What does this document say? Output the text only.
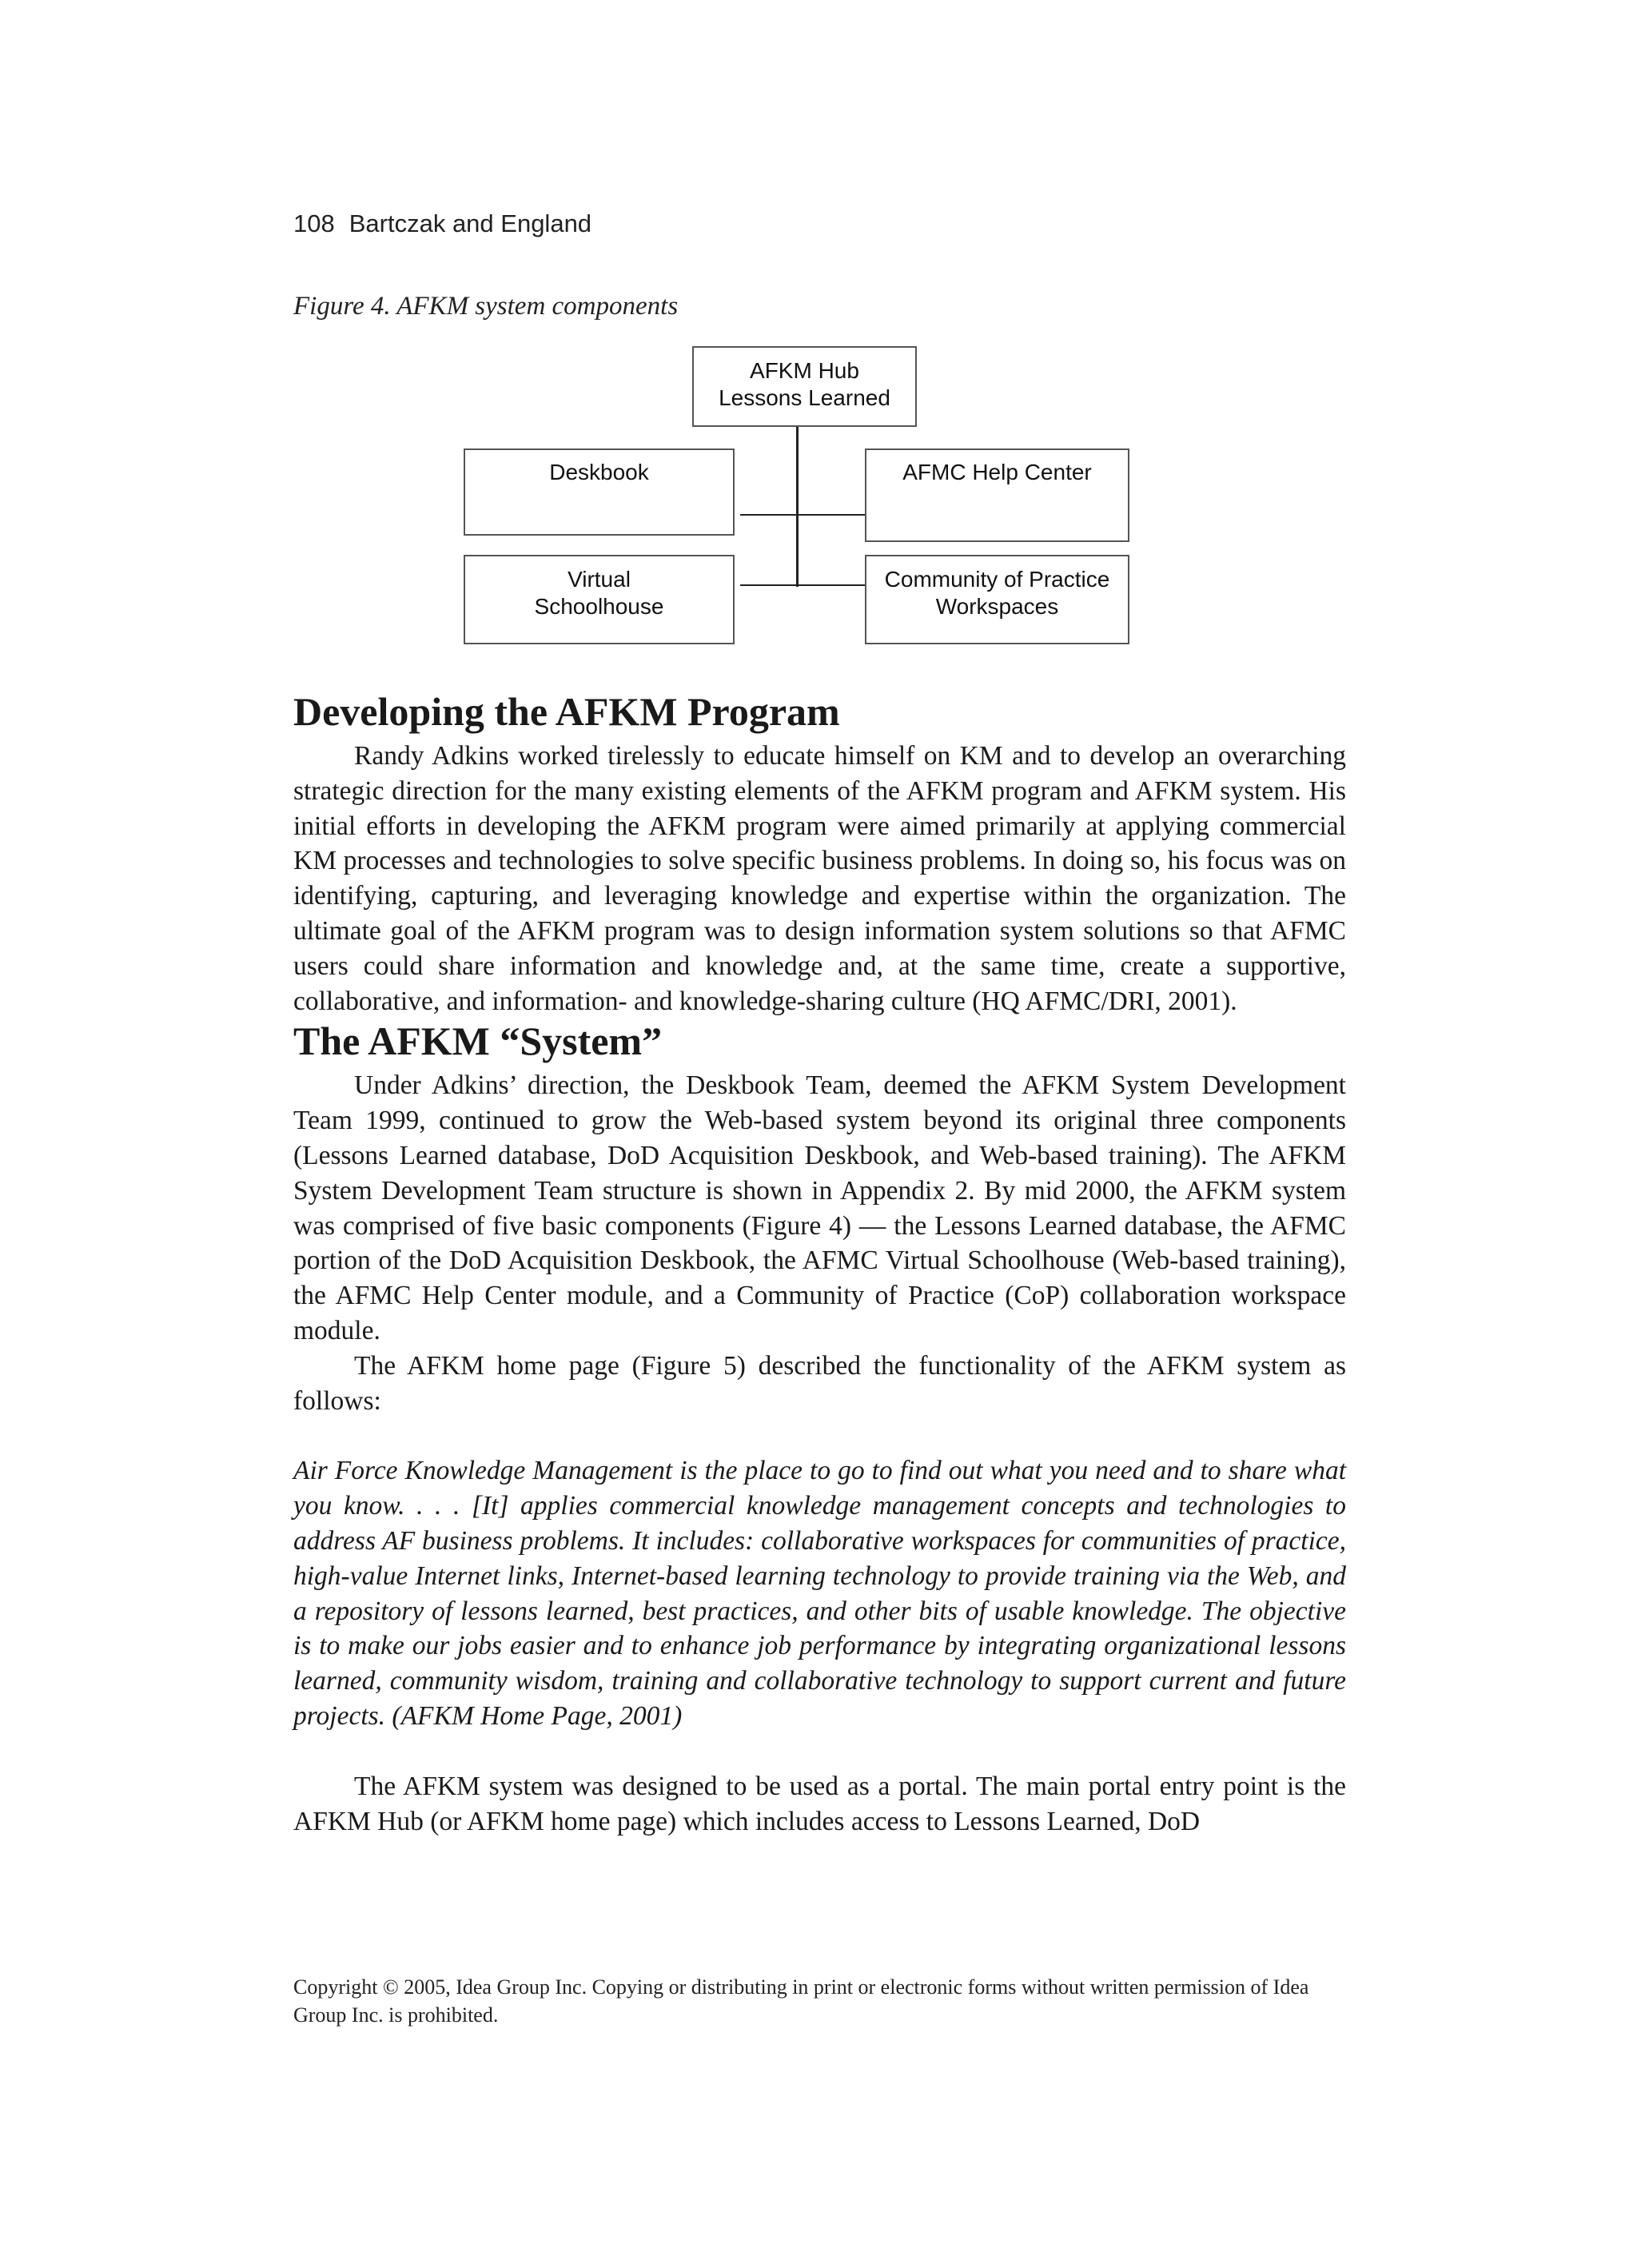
108 Bartczak and England
Figure 4. AFKM system components
AFKM Hub
Lessons Learned
Deskbook	AFMC Help Center
Virtual
Schoolhouse
Community of Practice
Workspaces
Developing the AFKM Program

Randy Adkins worked tirelessly to educate himself on KM and to develop an overarching strategic direction for the many existing elements of the AFKM program and AFKM system. His initial efforts in developing the AFKM program were aimed primarily at applying commercial KM processes and technologies to solve specific business problems. In doing so, his focus was on identifying, capturing, and leveraging knowledge and expertise within the organization. The ultimate goal of the AFKM program was to design information system solutions so that AFMC users could share information and knowledge and, at the same time, create a supportive, collaborative, and information- and knowledge-sharing culture (HQ AFMC/DRI, 2001).

The AFKM “System”

Under Adkins’ direction, the Deskbook Team, deemed the AFKM System Development Team 1999, continued to grow the Web-based system beyond its original three components (Lessons Learned database, DoD Acquisition Deskbook, and Web-based training). The AFKM System Development Team structure is shown in Appendix 2. By mid 2000, the AFKM system was comprised of five basic components (Figure 4) — the Lessons Learned database, the AFMC portion of the DoD Acquisition Deskbook, the AFMC Virtual Schoolhouse (Web-based training), the AFMC Help Center module, and a Community of Practice (CoP) collaboration workspace module.

The AFKM home page (Figure 5) described the functionality of the AFKM system as follows:

Air Force Knowledge Management is the place to go to find out what you need and to share what you know. . . . [It] applies commercial knowledge management concepts and technologies to address AF business problems. It includes: collaborative workspaces for communities of practice, high-value Internet links, Internet-based learning technology to provide training via the Web, and a repository of lessons learned, best practices, and other bits of usable knowledge. The objective is to make our jobs easier and to enhance job performance by integrating organizational lessons learned, community wisdom, training and collaborative technology to support current and future projects. (AFKM Home Page, 2001)

The AFKM system was designed to be used as a portal. The main portal entry point is the AFKM Hub (or AFKM home page) which includes access to Lessons Learned, DoD

Copyright © 2005, Idea Group Inc. Copying or distributing in print or electronic forms without written permission of Idea Group Inc. is prohibited.
